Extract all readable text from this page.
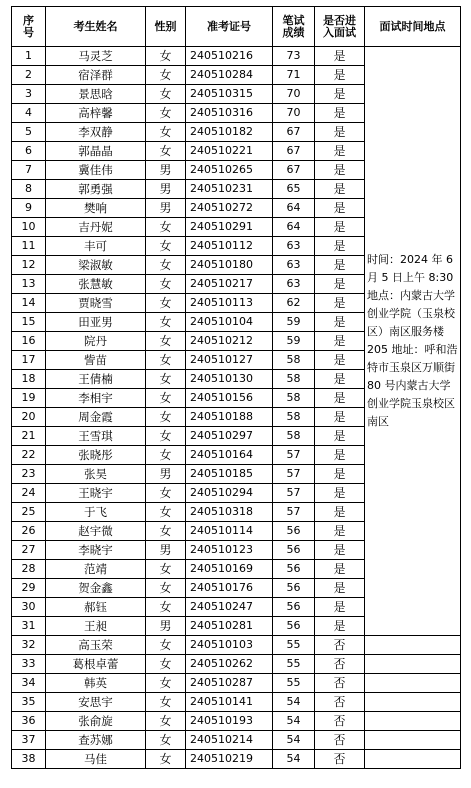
序号	考生姓名	性别	准考证号	笔试成绩	是否进入面试	面试时间地点
1	马灵芝	女	240510216	73	是	时间：2024 年 6 月 5 日上午 8:30 地点：内蒙古大学创业学院（玉泉校区）南区服务楼 205 地址：呼和浩特市玉泉区万顺街 80 号内蒙古大学创业学院玉泉校区南区
2	宿泽群	女	240510284	71	是	
3	景思晗	女	240510315	70	是	
4	高梓馨	女	240510316	70	是	
5	李双静	女	240510182	67	是	
6	郭晶晶	女	240510221	67	是	
7	冀佳伟	男	240510265	67	是	
8	郭勇强	男	240510231	65	是	
9	樊响	男	240510272	64	是	
10	吉丹妮	女	240510291	64	是	
11	丰可	女	240510112	63	是	
12	梁淑敏	女	240510180	63	是	
13	张慧敏	女	240510217	63	是	
14	贾晓雪	女	240510113	62	是	
15	田亚男	女	240510104	59	是	
16	院丹	女	240510212	59	是	
17	訾苗	女	240510127	58	是	
18	王倩楠	女	240510130	58	是	
19	李相宇	女	240510156	58	是	
20	周金霞	女	240510188	58	是	
21	王雪琪	女	240510297	58	是	
22	张晓彤	女	240510164	57	是	
23	张昊	男	240510185	57	是	
24	王晓宇	女	240510294	57	是	
25	于飞	女	240510318	57	是	
26	赵宇微	女	240510114	56	是	
27	李晓宇	男	240510123	56	是	
28	范靖	女	240510169	56	是	
29	贺金鑫	女	240510176	56	是	
30	郝钰	女	240510247	56	是	
31	王昶	男	240510281	56	是	
32	高玉荣	女	240510103	55	否	
33	葛根卓蕾	女	240510262	55	否	
34	韩英	女	240510287	55	否	
35	安思宇	女	240510141	54	否	
36	张俞旋	女	240510193	54	否	
37	查苏娜	女	240510214	54	否	
38	马佳	女	240510219	54	否	
